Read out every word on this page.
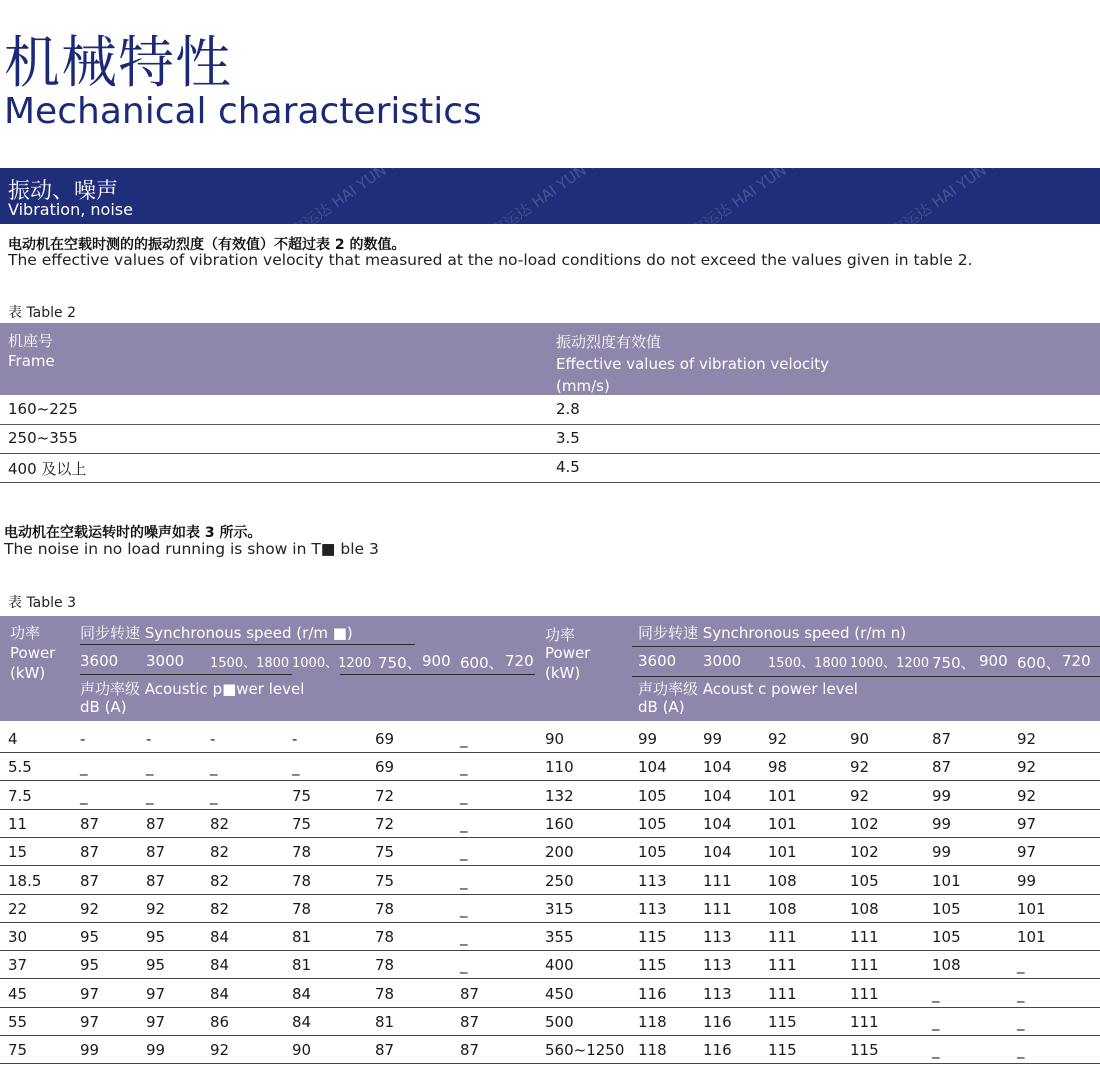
机械特性
Mechanical characteristics
振动、噪声
Vibration, noise	海运达 HAI YUN DA
海运达 HAI YUN DA
海运达 HAI YUN DA
海运达 HAI YUN DA
电动机在空载时测的的振动烈度（有效值）不超过表 2 的数值。
The effective values of vibration velocity that measured at the no-load conditions do not exceed the values given in table 2.
表 Table 2
机座号
Frame
振动烈度有效值
Effective values of vibration velocity
(mm/s)
160~225	2.8
250~355	3.5
400 及以上	4.5
电动机在空载运转时的噪声如表 3 所示。
The noise in no load running is show in T■ ble 3
表 Table 3
功率
Power
(kW)
同步转速 Synchronous speed (r/m ■)
3600 3000 1500、1800 1000、1200 750、 900 600、 720
声功率级 Acoustic p■wer level
dB (A)
功率
Power
(kW)
同步转速 Synchronous speed (r/m n)
3600 3000 1500、1800 1000、1200 750、 900 600、 720
声功率级 Acoust c power level
dB (A)
4	-	-	-	-	69	_	90	99	99	92	90	87	92
5.5	_	_	_	_	69	_	110	104 104 98	92	87	92
7.5	_	_	_	75	72	_	132	105 104 101	92	99	92
11	87	87	82	75	72	_	160	105 104 101	102	99	97
15	87	87	82	78	75	_	200	105 104 101	102	99	97
18.5	87	87	82	78	75	_	250	113 111 108	105	101	99
22	92	92	82	78	78	_	315	113 111 108	108	105	101
30	95	95	84	81	78	_	355	115 113 111	111	105	101
37	95	95	84	81	78	_	400	115 113 111	111	108	_
45	97	97	84	84	78	87	450	116 113 111	111	_	_
55	97	97	86	84	81	87	500	118 116 115	111	_	_
75	99	99	92	90	87	87	560~1250 118 116 115	115	_	_
